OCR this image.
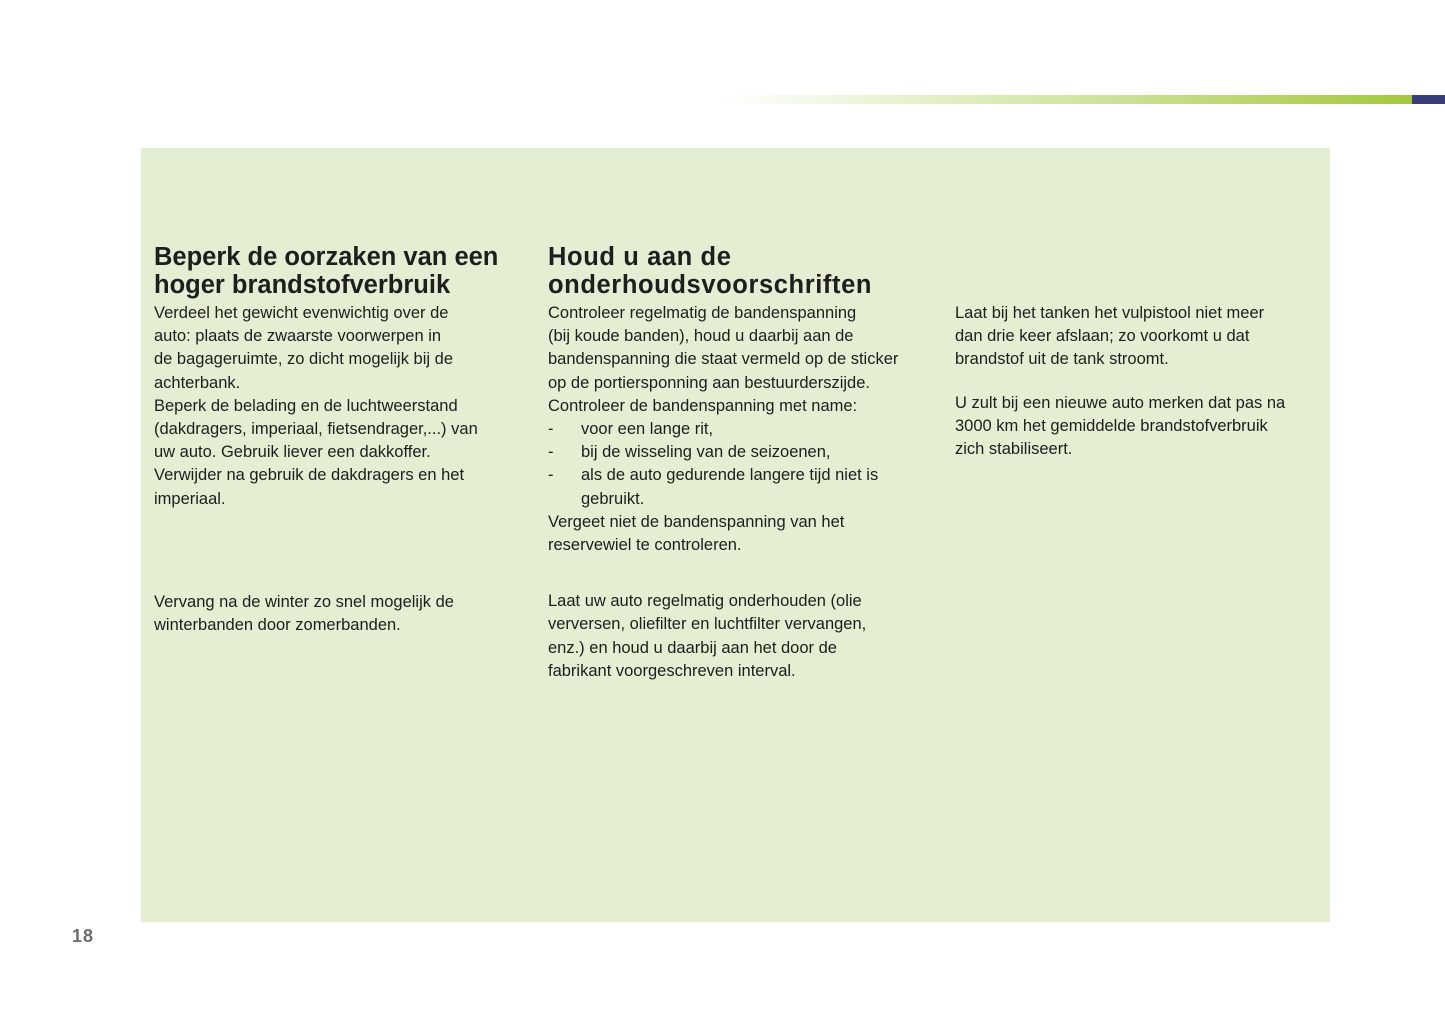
Beperk de oorzaken van een
hoger brandstofverbruik

Verdeel het gewicht evenwichtig over de
auto: plaats de zwaarste voorwerpen in
de bagageruimte, zo dicht mogelijk bij de
achterbank.

Beperk de belading en de luchtweerstand
(dakdragers, imperiaal, fietsendrager,...) van
uw auto. Gebruik liever een dakkoffer.
Verwijder na gebruik de dakdragers en het
imperiaal.

Vervang na de winter zo snel mogelijk de
winterbanden door zomerbanden.

Houd u aan de
onderhoudsvoorschriften

Controleer regelmatig de bandenspanning
(bij koude banden), houd u daarbij aan de
bandenspanning die staat vermeld op de sticker
op de portiersponning aan bestuurderszijde.

Controleer de bandenspanning met name:

- voor een lange rit,
- bij de wisseling van de seizoenen,
- als de auto gedurende langere tijd niet is
gebruikt.

Vergeet niet de bandenspanning van het
reservewiel te controleren.

Laat uw auto regelmatig onderhouden (olie
verversen, oliefilter en luchtfilter vervangen,
enz.) en houd u daarbij aan het door de
fabrikant voorgeschreven interval.

Laat bij het tanken het vulpistool niet meer
dan drie keer afslaan; zo voorkomt u dat
brandstof uit de tank stroomt.

U zult bij een nieuwe auto merken dat pas na
3000 km het gemiddelde brandstofverbruik
zich stabiliseert.

18
